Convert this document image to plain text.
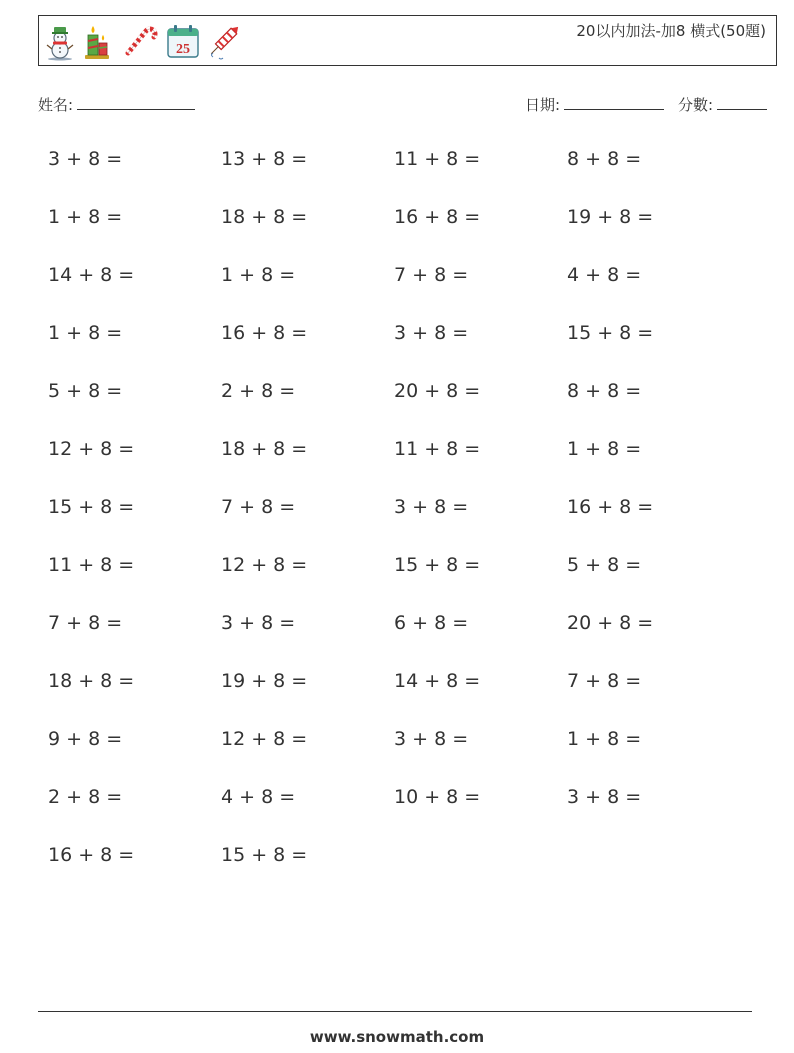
25
20以内加法-加8 横式(50題)
姓名:	日期:	分數:
3 + 8 =	13 + 8 =	11 + 8 =	8 + 8 =
1 + 8 =	18 + 8 =	16 + 8 =	19 + 8 =
14 + 8 =	1 + 8 =	7 + 8 =	4 + 8 =
1 + 8 =	16 + 8 =	3 + 8 =	15 + 8 =
5 + 8 =	2 + 8 =	20 + 8 =	8 + 8 =
12 + 8 =	18 + 8 =	11 + 8 =	1 + 8 =
15 + 8 =	7 + 8 =	3 + 8 =	16 + 8 =
11 + 8 =	12 + 8 =	15 + 8 =	5 + 8 =
7 + 8 =	3 + 8 =	6 + 8 =	20 + 8 =
18 + 8 =	19 + 8 =	14 + 8 =	7 + 8 =
9 + 8 =	12 + 8 =	3 + 8 =	1 + 8 =
2 + 8 =	4 + 8 =	10 + 8 =	3 + 8 =
16 + 8 =	15 + 8 =
www.snowmath.com
